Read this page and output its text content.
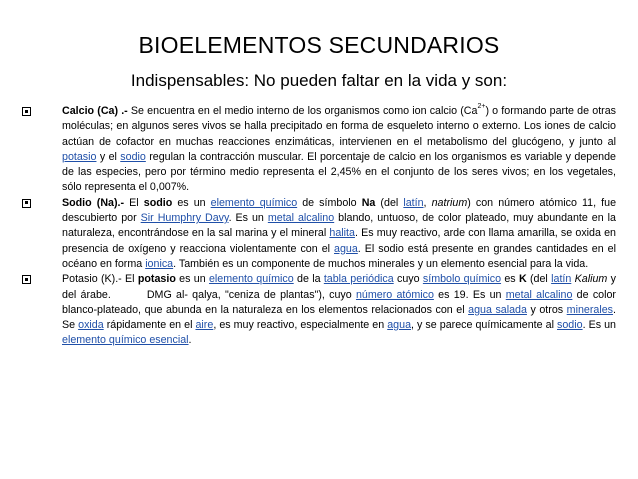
BIOELEMENTOS SECUNDARIOS
Indispensables: No pueden faltar en la vida y son:

Calcio (Ca) .- Se encuentra en el medio interno de los organismos como ion calcio $(Ca^{2+})$ o formando parte de otras moléculas; en algunos seres vivos se halla precipitado en forma de esqueleto interno o externo. Los iones de calcio actúan de cofactor en muchas reacciones enzimáticas, intervienen en el metabolismo del glucógeno, y junto al potasio y el sodio regulan la contracción muscular. El porcentaje de calcio en los organismos es variable y depende de las especies, pero por término medio representa el 2,45% en el conjunto de los seres vivos; en los vegetales, sólo representa el 0,007%.

Sodio (Na).- El sodio es un elemento químico de símbolo Na (del latín, natrium) con número atómico 11, fue descubierto por Sir Humphry Davy. Es un metal alcalino blando, untuoso, de color plateado, muy abundante en la naturaleza, encontrándose en la sal marina y el mineral halita. Es muy reactivo, arde con llama amarilla, se oxida en presencia de oxígeno y reacciona violentamente con el agua. El sodio está presente en grandes cantidades en el océano en forma ionica. También es un componente de muchos minerales y un elemento esencial para la vida.

Potasio (K).- El potasio es un elemento químico de la tabla periódica cuyo símbolo químico es K (del latín Kalium y del árabe.	DMG al- qalya, "ceniza de plantas"), cuyo número atómico es 19. Es un metal alcalino de color blanco-plateado, que abunda en la naturaleza en los elementos relacionados con el agua salada y otros minerales. Se oxida rápidamente en el aire, es muy reactivo, especialmente en agua, y se parece químicamente al sodio. Es un elemento químico esencial.
